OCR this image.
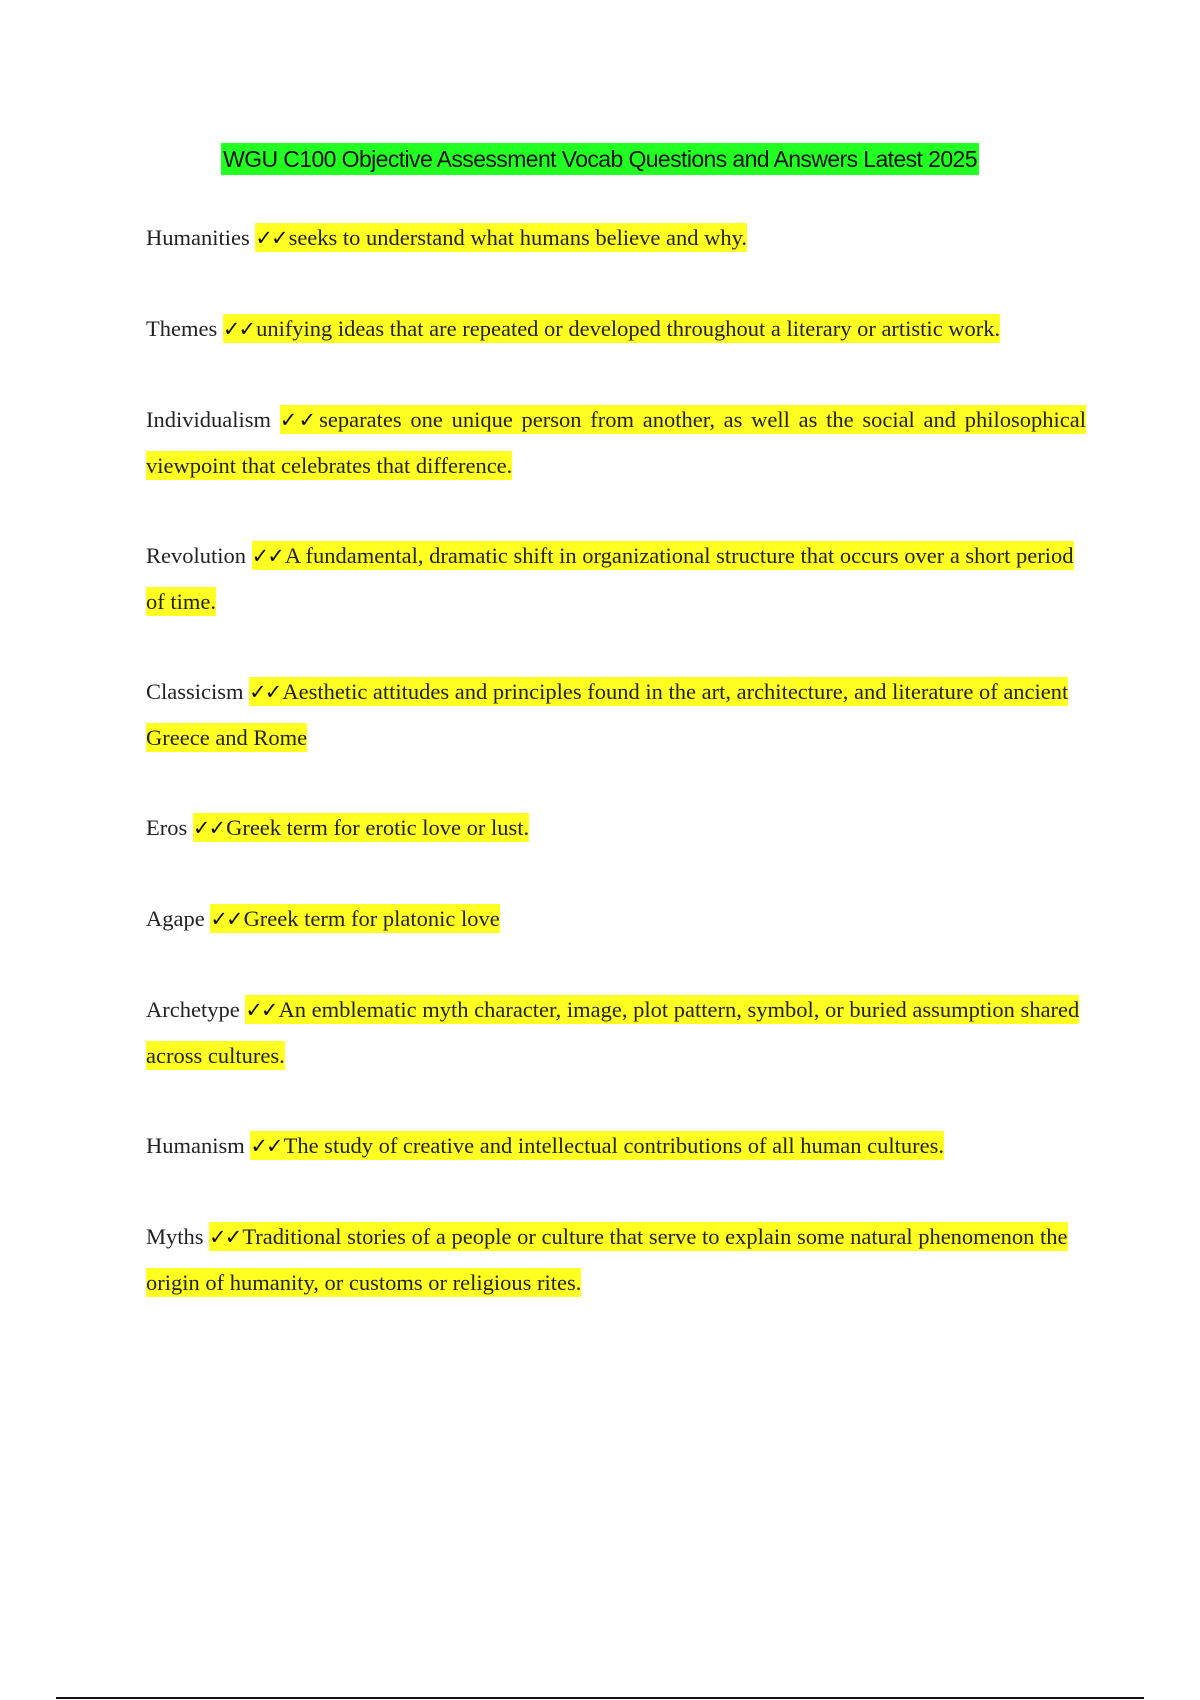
WGU C100 Objective Assessment Vocab Questions and Answers Latest 2025

Humanities ✓✓seeks to understand what humans believe and why.

Themes ✓✓unifying ideas that are repeated or developed throughout a literary or artistic work.

Individualism ✓✓separates one unique person from another, as well as the social and philosophical viewpoint that celebrates that difference.

Revolution ✓✓A fundamental, dramatic shift in organizational structure that occurs over a short period of time.

Classicism ✓✓Aesthetic attitudes and principles found in the art, architecture, and literature of ancient Greece and Rome

Eros ✓✓Greek term for erotic love or lust.

Agape ✓✓Greek term for platonic love

Archetype ✓✓An emblematic myth character, image, plot pattern, symbol, or buried assumption shared across cultures.

Humanism ✓✓The study of creative and intellectual contributions of all human cultures.

Myths ✓✓Traditional stories of a people or culture that serve to explain some natural phenomenon the origin of humanity, or customs or religious rites.
